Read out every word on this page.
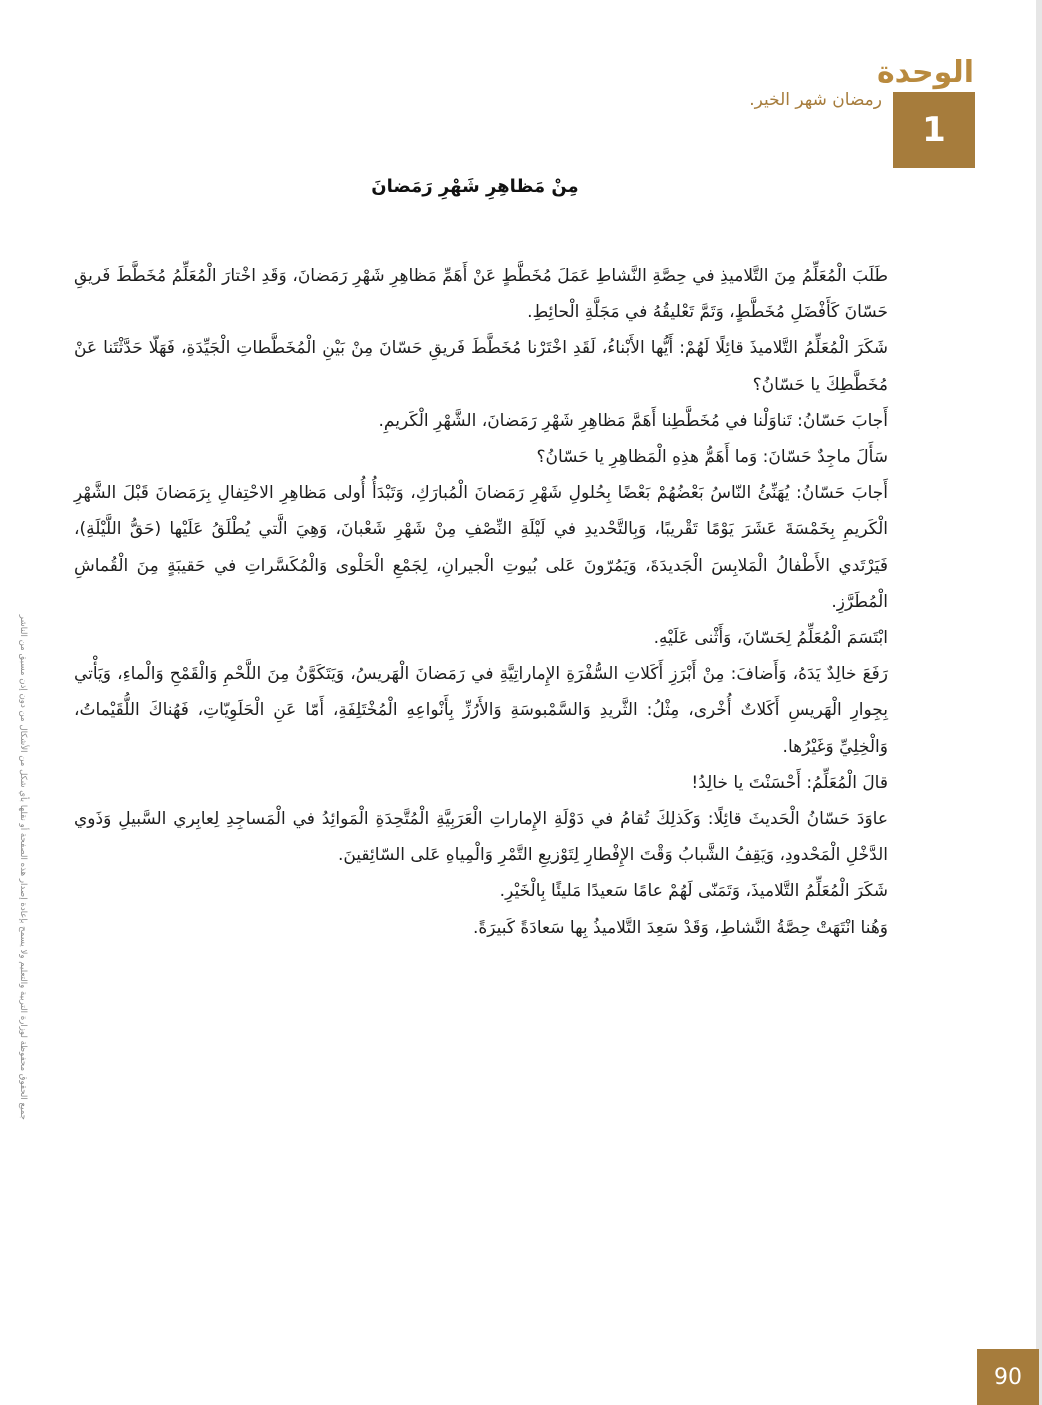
الوحدة
1
رمضان شهر الخير.
مِنْ مَظاهِرِ شَهْرِ رَمَضانَ

طَلَبَ الْمُعَلِّمُ مِنَ التَّلاميذِ في حِصَّةِ النَّشاطِ عَمَلَ مُخَطَّطٍ عَنْ أَهَمِّ مَظاهِرِ شَهْرِ رَمَضانَ، وَقَدِ اخْتارَ الْمُعَلِّمُ مُخَطَّطَ فَريقِ حَسّانَ كَأَفْضَلِ مُخَطَّطٍ، وَتَمَّ تَعْليقُهُ في مَجَلَّةِ الْحائِطِ.

شَكَرَ الْمُعَلِّمُ التَّلاميذَ قائِلًا لَهُمْ: أَيُّها الأَبْناءُ، لَقَدِ اخْتَرْنا مُخَطَّطَ فَريقِ حَسّانَ مِنْ بَيْنِ الْمُخَطَّطاتِ الْجَيِّدَةِ، فَهَلّا حَدَّثْتَنا عَنْ مُخَطَّطِكَ يا حَسّانُ؟

أَجابَ حَسّانُ: تَناوَلْنا في مُخَطَّطِنا أَهَمَّ مَظاهِرِ شَهْرِ رَمَضانَ، الشَّهْرِ الْكَريمِ.

سَأَلَ ماجِدٌ حَسّانَ: وَما أَهَمُّ هذِهِ الْمَظاهِرِ يا حَسّانُ؟

أَجابَ حَسّانُ: يُهَنِّئُ النّاسُ بَعْضُهُمْ بَعْضًا بِحُلولِ شَهْرِ رَمَضانَ الْمُبارَكِ، وَتَبْدَأُ أُولى مَظاهِرِ الاحْتِفالِ بِرَمَضانَ قَبْلَ الشَّهْرِ الْكَريمِ بِخَمْسَةَ عَشَرَ يَوْمًا تَقْريبًا، وَبِالتَّحْديدِ في لَيْلَةِ النِّصْفِ مِنْ شَهْرِ شَعْبانَ، وَهِيَ الَّتي يُطْلَقُ عَلَيْها (حَقُّ اللَّيْلَةِ)، فَيَرْتَدي الأَطْفالُ الْمَلابِسَ الْجَديدَةَ، وَيَمُرّونَ عَلى بُيوتِ الْجيرانِ، لِجَمْعِ الْحَلْوى وَالْمُكَسَّراتِ في حَقيبَةٍ مِنَ الْقُماشِ الْمُطَرَّزِ.

ابْتَسَمَ الْمُعَلِّمُ لِحَسّانَ، وَأَثْنى عَلَيْهِ.

رَفَعَ خالِدٌ يَدَهُ، وَأَضافَ: مِنْ أَبْرَزِ أَكَلاتِ السُّفْرَةِ الإِماراتِيَّةِ في رَمَضانَ الْهَريسُ، وَيَتَكَوَّنُ مِنَ اللَّحْمِ وَالْقَمْحِ وَالْماءِ، وَيَأْتي بِجِوارِ الْهَريسِ أَكَلاتٌ أُخْرى، مِثْلُ: الثَّريدِ وَالسَّمْبوسَةِ وَالأَرُزِّ بِأَنْواعِهِ الْمُخْتَلِفَةِ، أَمّا عَنِ الْحَلَوِيّاتِ، فَهُناكَ اللُّقَيْماتُ، وَالْخِلِيِّ وَغَيْرُها.

قالَ الْمُعَلِّمُ: أَحْسَنْتَ يا خالِدُ!

عاوَدَ حَسّانُ الْحَديثَ قائِلًا: وَكَذلِكَ تُقامُ في دَوْلَةِ الإِماراتِ الْعَرَبِيَّةِ الْمُتَّحِدَةِ الْمَوائِدُ في الْمَساجِدِ لِعابِري السَّبيلِ وَذَوي الدَّخْلِ الْمَحْدودِ، وَيَقِفُ الشَّبابُ وَقْتَ الإِفْطارِ لِتَوْزيعِ التَّمْرِ وَالْمِياهِ عَلى السّائِقينَ.

شَكَرَ الْمُعَلِّمُ التَّلاميذَ، وَتَمَنّى لَهُمْ عامًا سَعيدًا مَليئًا بِالْخَيْرِ.

وَهُنا انْتَهَتْ حِصَّةُ النَّشاطِ، وَقَدْ سَعِدَ التَّلاميذُ بِها سَعادَةً كَبيرَةً.

جميع الحقوق محفوظة لوزارة التربية والتعليم ولا يسمح بإعادة إصدار هذه الصفحة أو نقلها بأي شكل من الأشكال من دون إذن مسبق من الناشر
90
